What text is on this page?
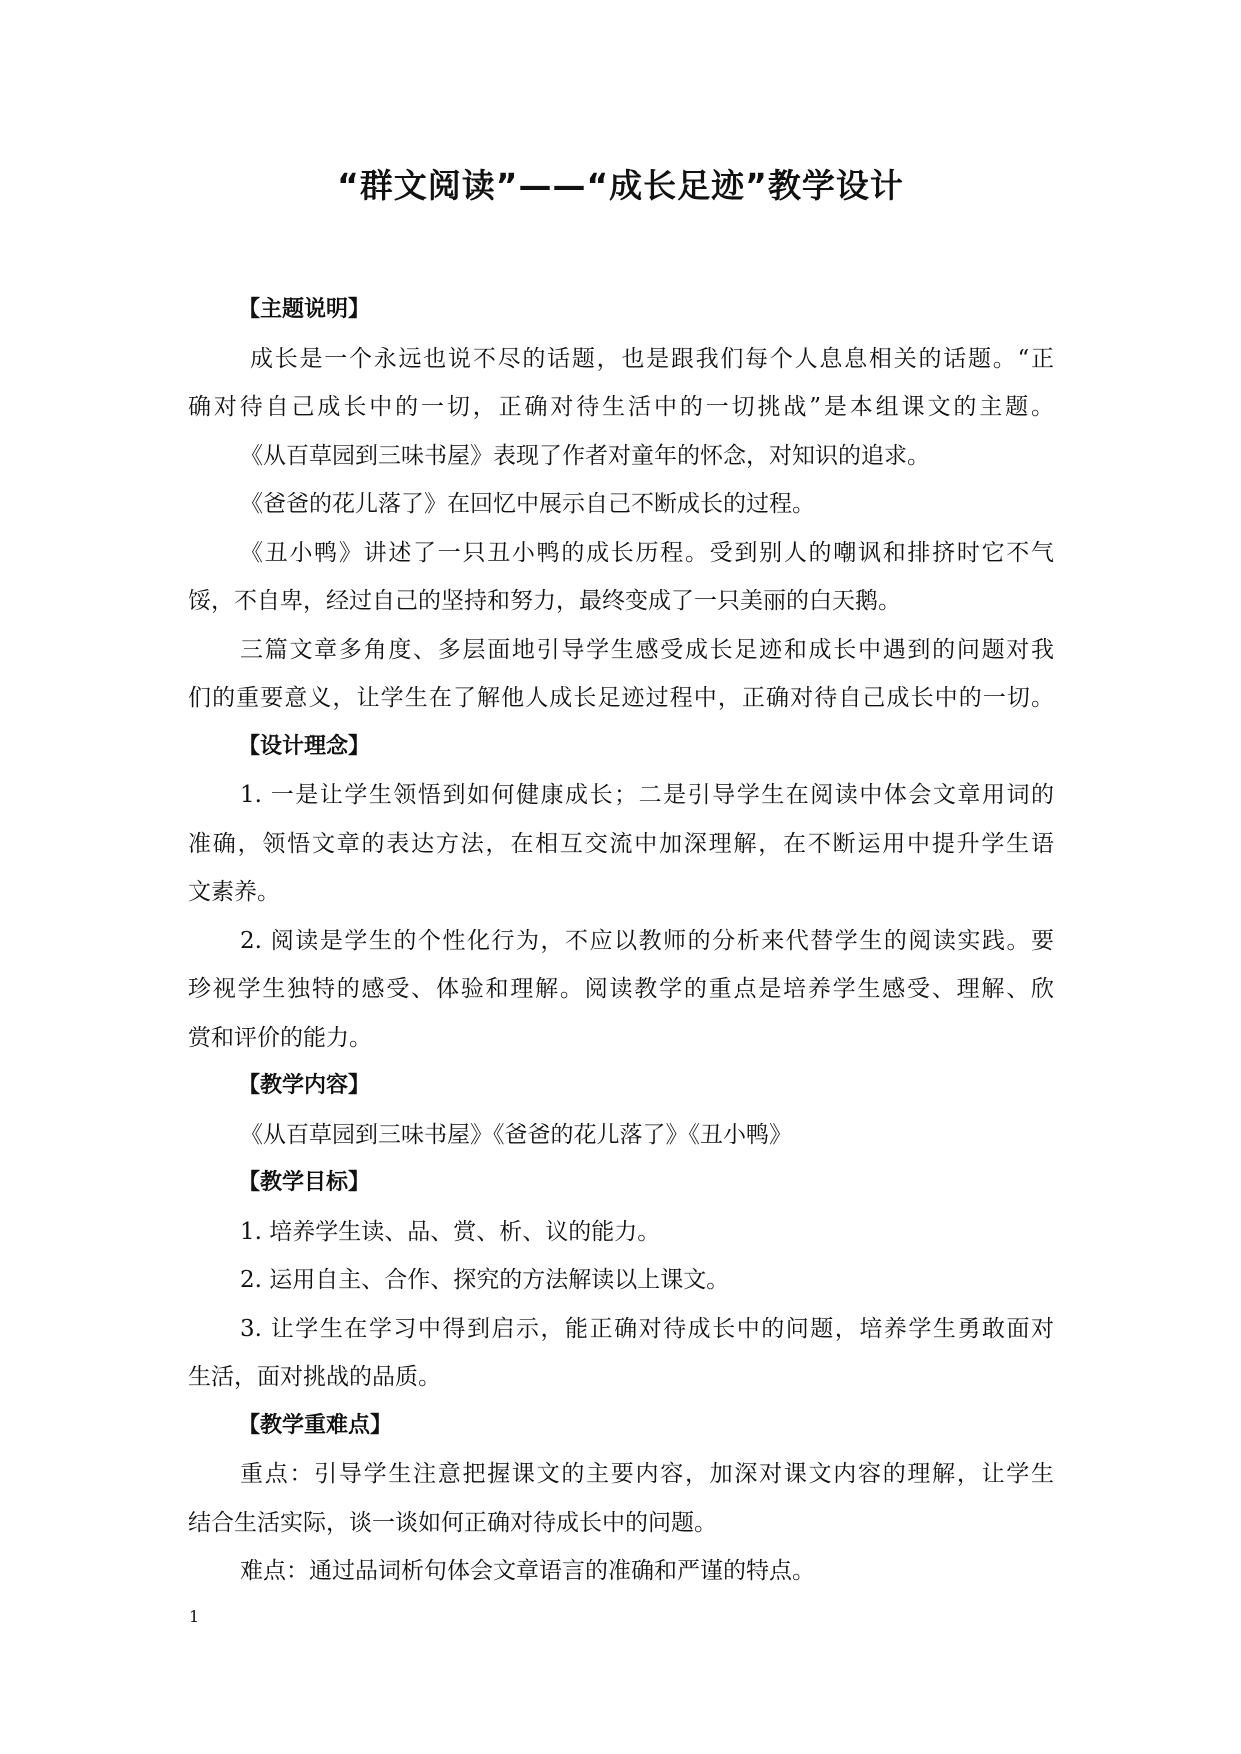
“群文阅读”——“成长足迹”教学设计

【主题说明】

成长是一个永远也说不尽的话题，也是跟我们每个人息息相关的话题。“正

确对待自己成长中的一切，正确对待生活中的一切挑战”是本组课文的主题。

《从百草园到三味书屋》表现了作者对童年的怀念，对知识的追求。

《爸爸的花儿落了》在回忆中展示自己不断成长的过程。

《丑小鸭》讲述了一只丑小鸭的成长历程。受到别人的嘲讽和排挤时它不气

馁，不自卑，经过自己的坚持和努力，最终变成了一只美丽的白天鹅。

三篇文章多角度、多层面地引导学生感受成长足迹和成长中遇到的问题对我

们的重要意义，让学生在了解他人成长足迹过程中，正确对待自己成长中的一切。

【设计理念】

1. 一是让学生领悟到如何健康成长；二是引导学生在阅读中体会文章用词的

准确，领悟文章的表达方法，在相互交流中加深理解，在不断运用中提升学生语

文素养。

2. 阅读是学生的个性化行为，不应以教师的分析来代替学生的阅读实践。要

珍视学生独特的感受、体验和理解。阅读教学的重点是培养学生感受、理解、欣

赏和评价的能力。

【教学内容】

《从百草园到三味书屋》《爸爸的花儿落了》《丑小鸭》

【教学目标】

1. 培养学生读、品、赏、析、议的能力。

2. 运用自主、合作、探究的方法解读以上课文。

3. 让学生在学习中得到启示，能正确对待成长中的问题，培养学生勇敢面对

生活，面对挑战的品质。

【教学重难点】

重点：引导学生注意把握课文的主要内容，加深对课文内容的理解，让学生

结合生活实际，谈一谈如何正确对待成长中的问题。

难点：通过品词析句体会文章语言的准确和严谨的特点。

1
